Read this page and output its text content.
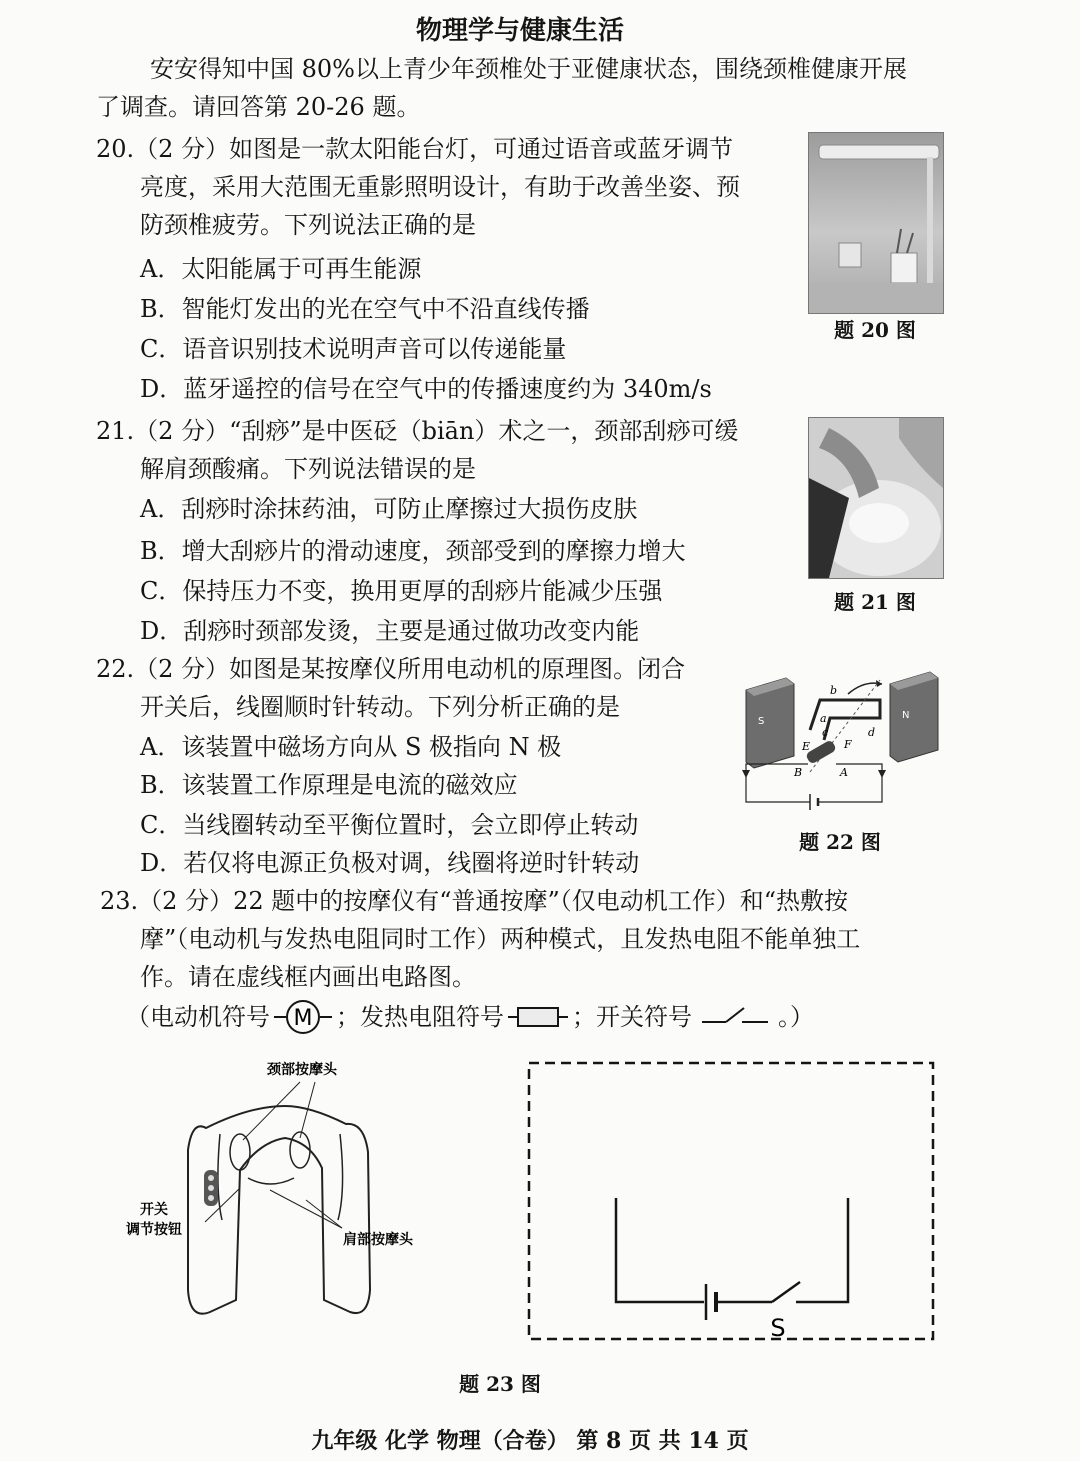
物理学与健康生活
安安得知中国 80%以上青少年颈椎处于亚健康状态，围绕颈椎健康开展
了调查。请回答第 20-26 题。
20.（2 分）如图是一款太阳能台灯，可通过语音或蓝牙调节
亮度，采用大范围无重影照明设计，有助于改善坐姿、预
防颈椎疲劳。下列说法正确的是
A．太阳能属于可再生能源
B．智能灯发出的光在空气中不沿直线传播
C．语音识别技术说明声音可以传递能量
D．蓝牙遥控的信号在空气中的传播速度约为 340m/s
题 20 图
21.（2 分）“刮痧”是中医砭（biān）术之一，颈部刮痧可缓
解肩颈酸痛。下列说法错误的是
A．刮痧时涂抹药油，可防止摩擦过大损伤皮肤
B．增大刮痧片的滑动速度，颈部受到的摩擦力增大
C．保持压力不变，换用更厚的刮痧片能减少压强
D．刮痧时颈部发烫，主要是通过做功改变内能
题 21 图
22.（2 分）如图是某按摩仪所用电动机的原理图。闭合
开关后，线圈顺时针转动。下列分析正确的是
A．该装置中磁场方向从 S 极指向 N 极
B．该装置工作原理是电流的磁效应
C．当线圈转动至平衡位置时，会立即停止转动
D．若仅将电源正负极对调，线圈将逆时针转动
S
N
b
a
c	d
E	F
B	A
题 22 图
23.（2 分）22 题中的按摩仪有“普通按摩”（仅电动机工作）和“热敷按
摩”（电动机与发热电阻同时工作）两种模式，且发热电阻不能单独工
作。请在虚线框内画出电路图。
（电动机符号 M ；发热电阻符号	；开关符号	。）
颈部按摩头
开关
调节按钮
肩部按摩头
S
题 23 图
九年级 化学 物理（合卷） 第 8 页 共 14 页
